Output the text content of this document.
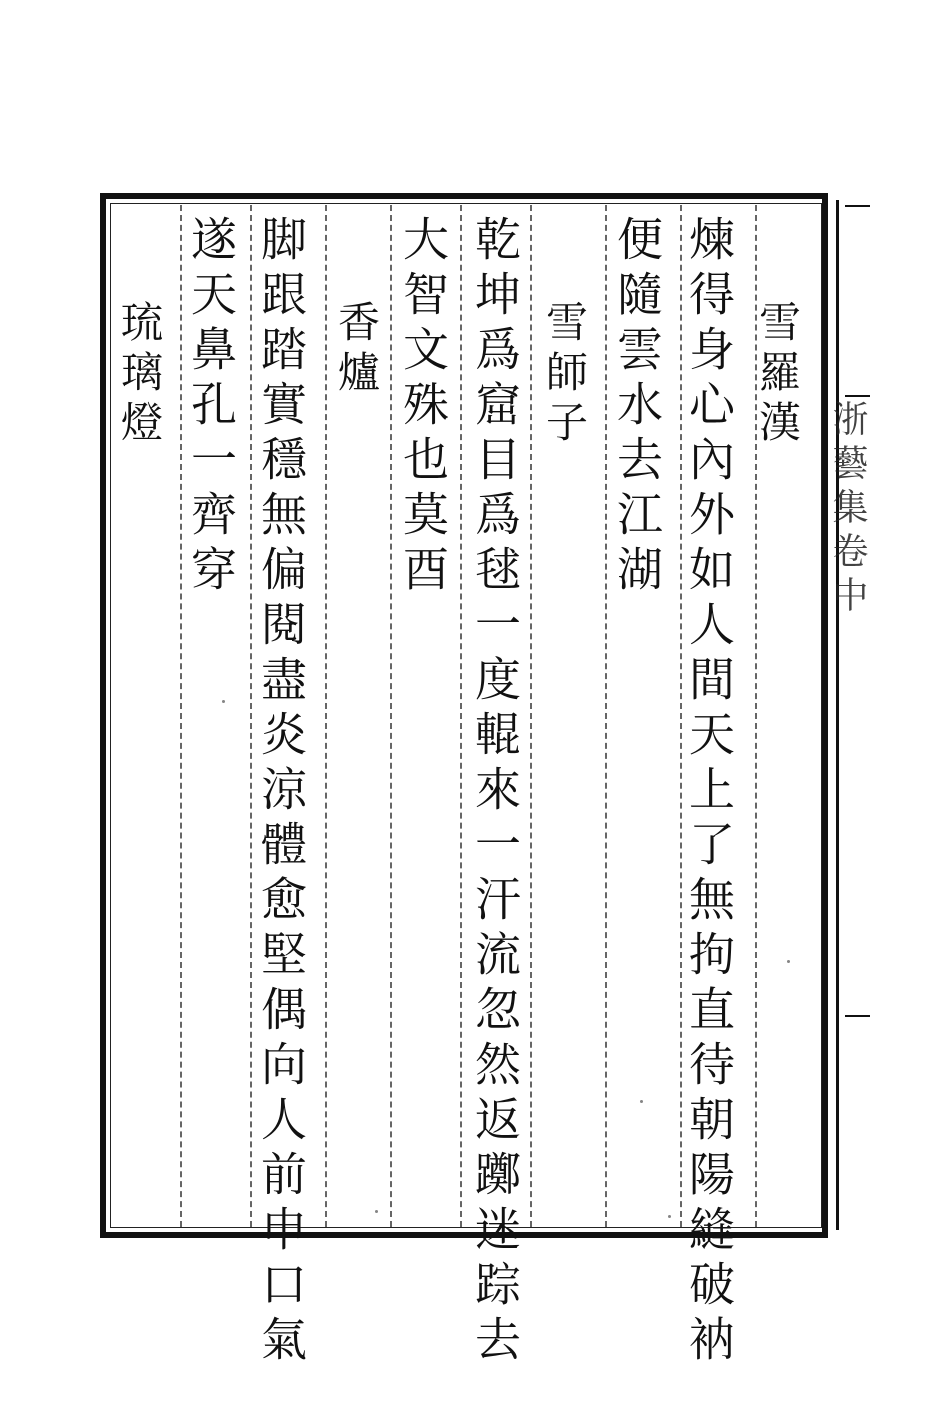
雪羅漢
煉得身心內外如人間天上了無拘直待朝陽縫破衲
便隨雲水去江湖
雪師子
乾坤爲窟目爲毬一度輥來一汗流忽然返躑迷踪去
大智文殊也莫酉
香爐
脚跟踏實穩無偏閱盡炎涼體愈堅偶向人前申口氣
遂天鼻孔一齊穿
琉璃燈
浙藝集卷中
